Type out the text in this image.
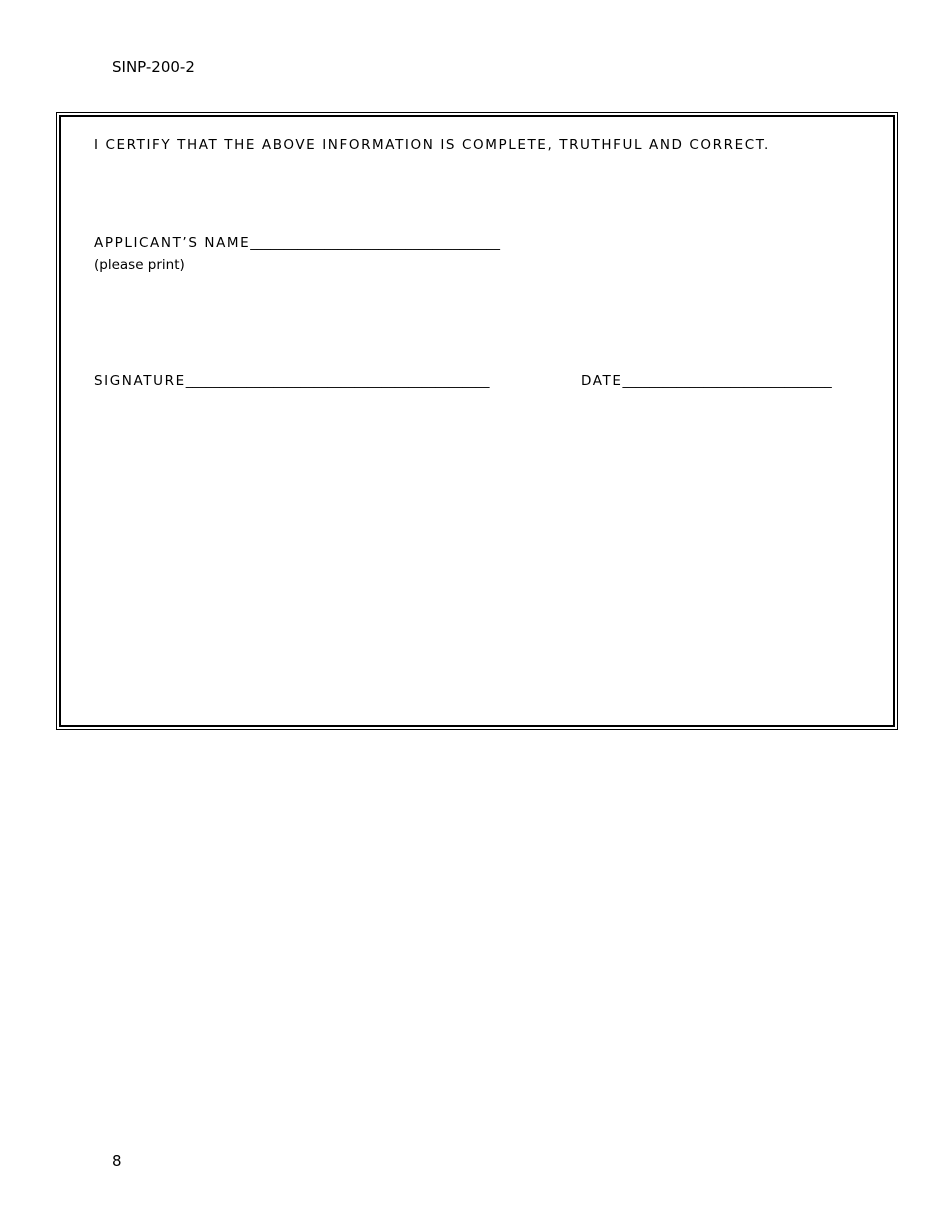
SINP-200-2
I CERTIFY THAT THE ABOVE INFORMATION IS COMPLETE, TRUTHFUL AND CORRECT.
APPLICANT’S NAME_____________________________________
(please print)
SIGNATURE_____________________________________________	DATE_______________________________
8
